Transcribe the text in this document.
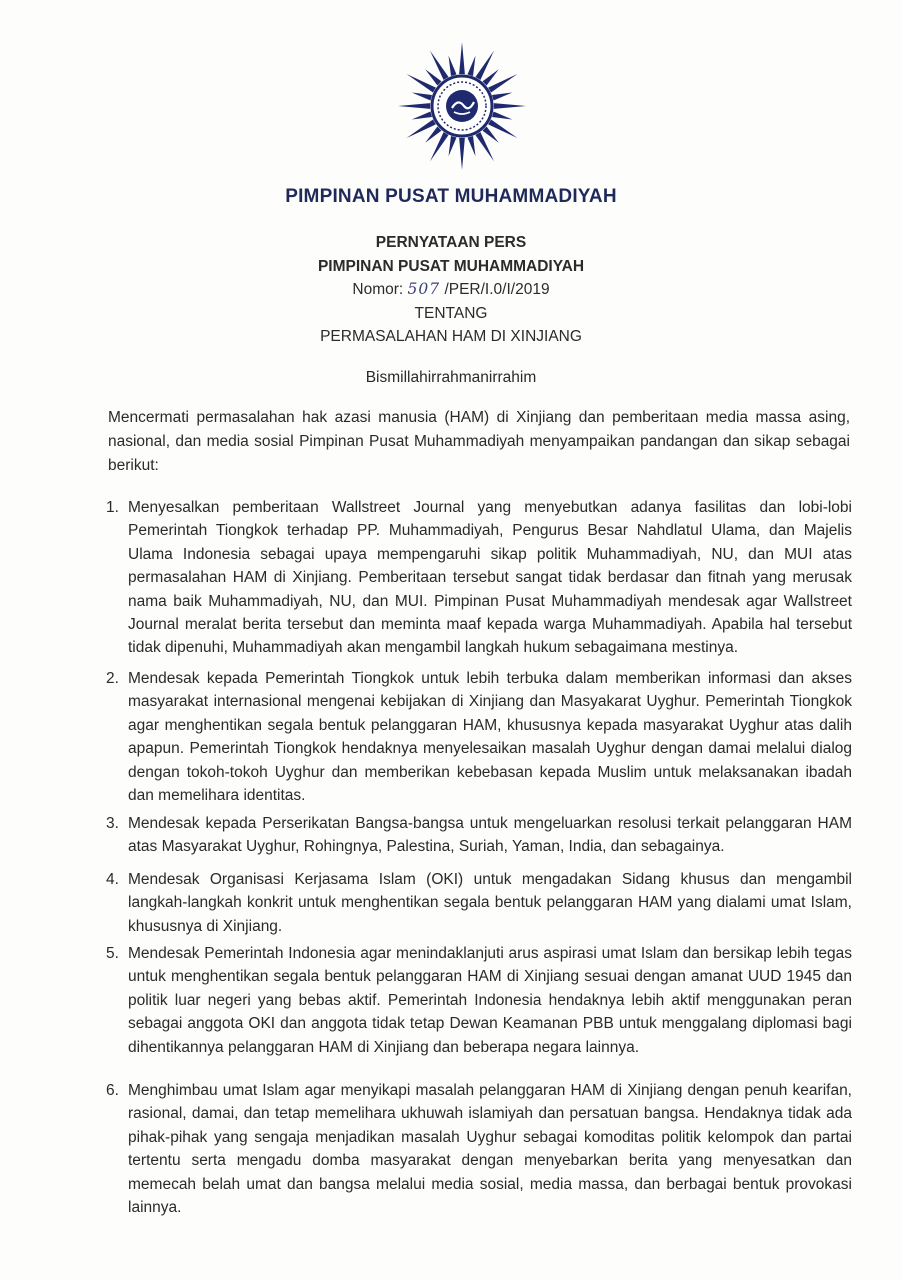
PIMPINAN PUSAT MUHAMMADIYAH
PERNYATAAN PERS
PIMPINAN PUSAT MUHAMMADIYAH
Nomor: 507 /PER/I.0/I/2019
TENTANG
PERMASALAHAN HAM DI XINJIANG
Bismillahirrahmanirrahim
Mencermati permasalahan hak azasi manusia (HAM) di Xinjiang dan pemberitaan media massa asing, nasional, dan media sosial Pimpinan Pusat Muhammadiyah menyampaikan pandangan dan sikap sebagai berikut:
1. Menyesalkan pemberitaan Wallstreet Journal yang menyebutkan adanya fasilitas dan lobi-lobi Pemerintah Tiongkok terhadap PP. Muhammadiyah, Pengurus Besar Nahdlatul Ulama, dan Majelis Ulama Indonesia sebagai upaya mempengaruhi sikap politik Muhammadiyah, NU, dan MUI atas permasalahan HAM di Xinjiang. Pemberitaan tersebut sangat tidak berdasar dan fitnah yang merusak nama baik Muhammadiyah, NU, dan MUI. Pimpinan Pusat Muhammadiyah mendesak agar Wallstreet Journal meralat berita tersebut dan meminta maaf kepada warga Muhammadiyah. Apabila hal tersebut tidak dipenuhi, Muhammadiyah akan mengambil langkah hukum sebagaimana mestinya.
2. Mendesak kepada Pemerintah Tiongkok untuk lebih terbuka dalam memberikan informasi dan akses masyarakat internasional mengenai kebijakan di Xinjiang dan Masyakarat Uyghur. Pemerintah Tiongkok agar menghentikan segala bentuk pelanggaran HAM, khususnya kepada masyarakat Uyghur atas dalih apapun. Pemerintah Tiongkok hendaknya menyelesaikan masalah Uyghur dengan damai melalui dialog dengan tokoh-tokoh Uyghur dan memberikan kebebasan kepada Muslim untuk melaksanakan ibadah dan memelihara identitas.
3. Mendesak kepada Perserikatan Bangsa-bangsa untuk mengeluarkan resolusi terkait pelanggaran HAM atas Masyarakat Uyghur, Rohingnya, Palestina, Suriah, Yaman, India, dan sebagainya.
4. Mendesak Organisasi Kerjasama Islam (OKI) untuk mengadakan Sidang khusus dan mengambil langkah-langkah konkrit untuk menghentikan segala bentuk pelanggaran HAM yang dialami umat Islam, khususnya di Xinjiang.
5. Mendesak Pemerintah Indonesia agar menindaklanjuti arus aspirasi umat Islam dan bersikap lebih tegas untuk menghentikan segala bentuk pelanggaran HAM di Xinjiang sesuai dengan amanat UUD 1945 dan politik luar negeri yang bebas aktif. Pemerintah Indonesia hendaknya lebih aktif menggunakan peran sebagai anggota OKI dan anggota tidak tetap Dewan Keamanan PBB untuk menggalang diplomasi bagi dihentikannya pelanggaran HAM di Xinjiang dan beberapa negara lainnya.
6. Menghimbau umat Islam agar menyikapi masalah pelanggaran HAM di Xinjiang dengan penuh kearifan, rasional, damai, dan tetap memelihara ukhuwah islamiyah dan persatuan bangsa. Hendaknya tidak ada pihak-pihak yang sengaja menjadikan masalah Uyghur sebagai komoditas politik kelompok dan partai tertentu serta mengadu domba masyarakat dengan menyebarkan berita yang menyesatkan dan memecah belah umat dan bangsa melalui media sosial, media massa, dan berbagai bentuk provokasi lainnya.
